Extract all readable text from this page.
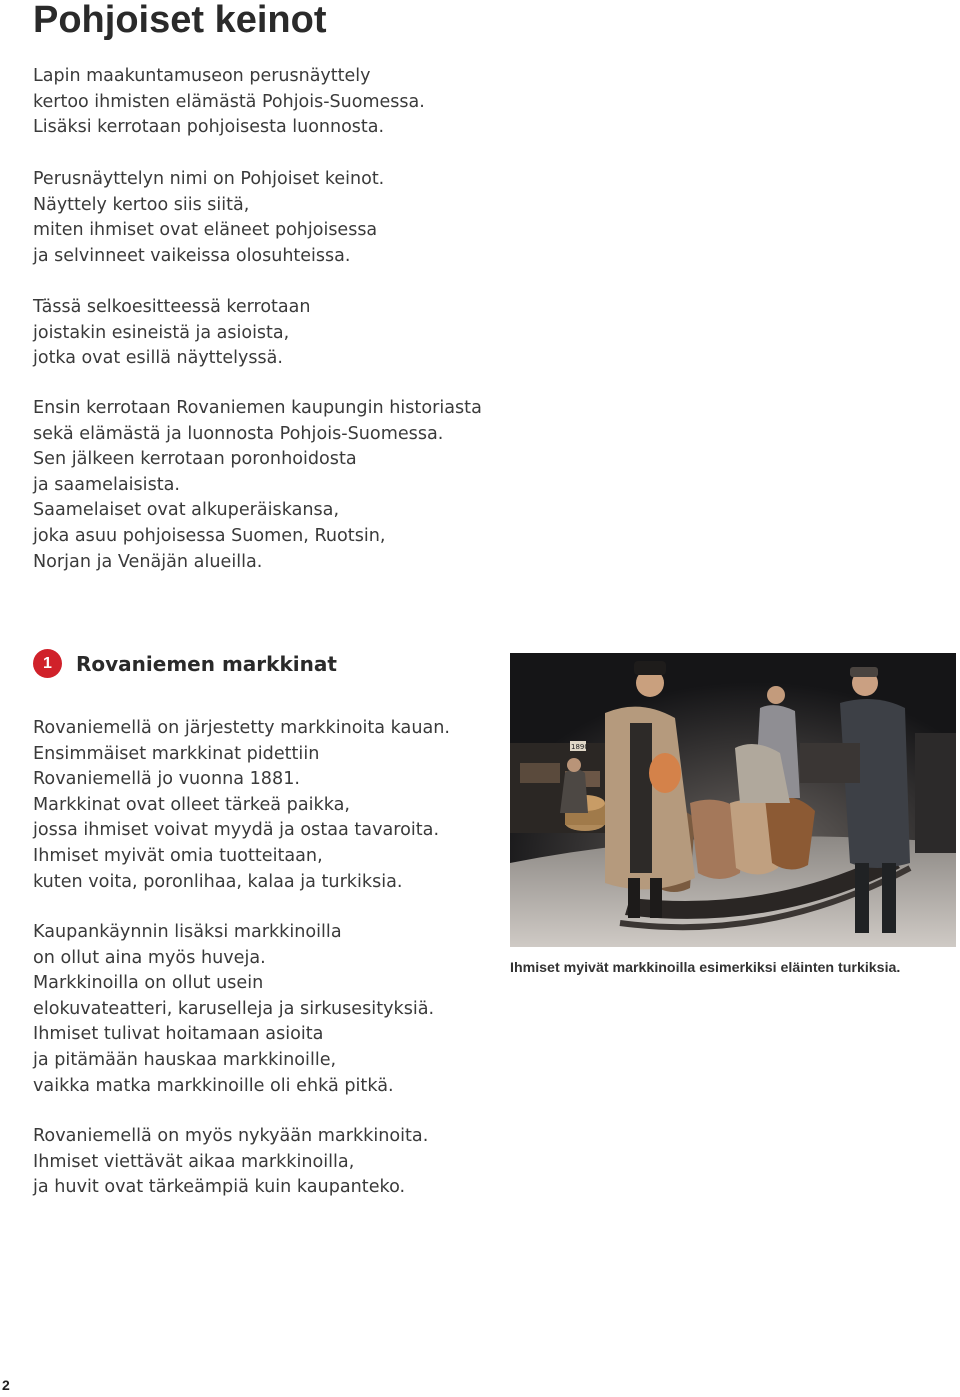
Pohjoiset keinot

Lapin maakuntamuseon perusnäyttely
kertoo ihmisten elämästä Pohjois-Suomessa.
Lisäksi kerrotaan pohjoisesta luonnosta.

Perusnäyttelyn nimi on Pohjoiset keinot.
Näyttely kertoo siis siitä,
miten ihmiset ovat eläneet pohjoisessa
ja selvinneet vaikeissa olosuhteissa.

Tässä selkoesitteessä kerrotaan
joistakin esineistä ja asioista,
jotka ovat esillä näyttelyssä.

Ensin kerrotaan Rovaniemen kaupungin historiasta
sekä elämästä ja luonnosta Pohjois-Suomessa.
Sen jälkeen kerrotaan poronhoidosta
ja saamelaisista.
Saamelaiset ovat alkuperäiskansa,
joka asuu pohjoisessa Suomen, Ruotsin,
Norjan ja Venäjän alueilla.

1	Rovaniemen markkinat

Rovaniemellä on järjestetty markkinoita kauan.
Ensimmäiset markkinat pidettiin
Rovaniemellä jo vuonna 1881.
Markkinat ovat olleet tärkeä paikka,
jossa ihmiset voivat myydä ja ostaa tavaroita.
Ihmiset myivät omia tuotteitaan,
kuten voita, poronlihaa, kalaa ja turkiksia.

Kaupankäynnin lisäksi markkinoilla
on ollut aina myös huveja.
Markkinoilla on ollut usein
elokuvateatteri, karuselleja ja sirkusesityksiä.
Ihmiset tulivat hoitamaan asioita
ja pitämään hauskaa markkinoille,
vaikka matka markkinoille oli ehkä pitkä.

Rovaniemellä on myös nykyään markkinoita.
Ihmiset viettävät aikaa markkinoilla,
ja huvit ovat tärkeämpiä kuin kaupanteko.

1890

Ihmiset myivät markkinoilla esimerkiksi eläinten turkiksia.

2
